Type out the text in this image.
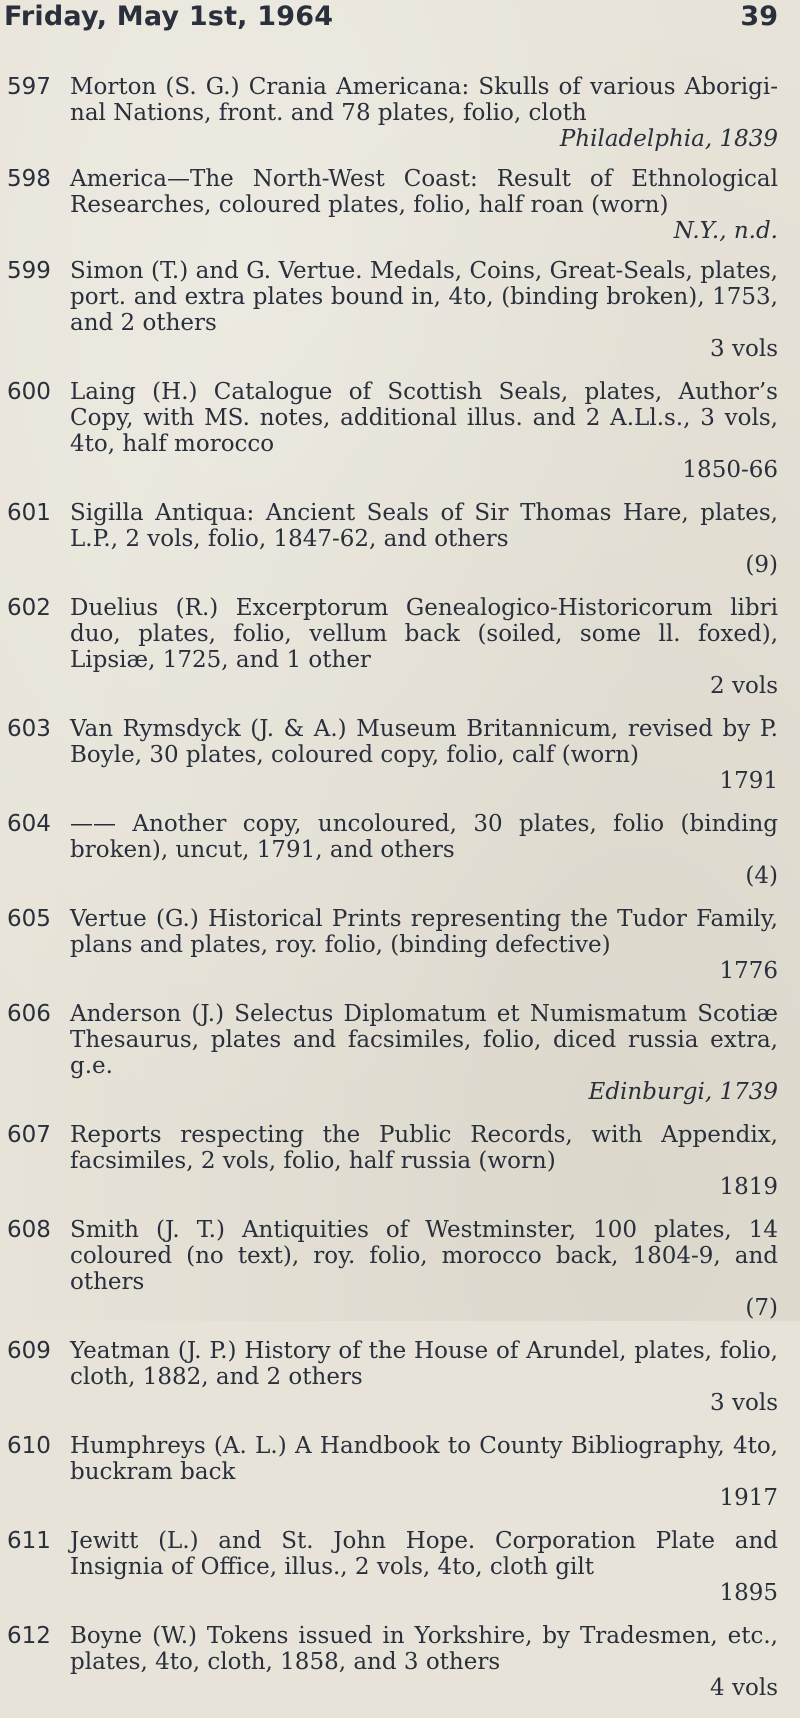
Friday, May 1st, 1964	39
597 Morton (S. G.) Crania Americana: Skulls of various Aborigi-nal Nations, front. and 78 plates, folio, cloth
Philadelphia, 1839
598 America—The North-West Coast: Result of Ethnological Researches, coloured plates, folio, half roan (worn)
N.Y., n.d.
599 Simon (T.) and G. Vertue. Medals, Coins, Great-Seals, plates, port. and extra plates bound in, 4to, (binding broken), 1753, and 2 others
3 vols
600 Laing (H.) Catalogue of Scottish Seals, plates, Author’s Copy, with MS. notes, additional illus. and 2 A.Ll.s., 3 vols, 4to, half morocco
1850-66
601 Sigilla Antiqua: Ancient Seals of Sir Thomas Hare, plates, L.P., 2 vols, folio, 1847-62, and others
(9)
602 Duelius (R.) Excerptorum Genealogico-Historicorum libri duo, plates, folio, vellum back (soiled, some ll. foxed), Lipsiæ, 1725, and 1 other
2 vols
603 Van Rymsdyck (J. & A.) Museum Britannicum, revised by P. Boyle, 30 plates, coloured copy, folio, calf (worn)
1791
604 —— Another copy, uncoloured, 30 plates, folio (binding broken), uncut, 1791, and others
(4)
605 Vertue (G.) Historical Prints representing the Tudor Family, plans and plates, roy. folio, (binding defective)
1776
606 Anderson (J.) Selectus Diplomatum et Numismatum Scotiæ Thesaurus, plates and facsimiles, folio, diced russia extra, g.e.
Edinburgi, 1739
607 Reports respecting the Public Records, with Appendix, facsimiles, 2 vols, folio, half russia (worn)
1819
608 Smith (J. T.) Antiquities of Westminster, 100 plates, 14 coloured (no text), roy. folio, morocco back, 1804-9, and others
(7)
609 Yeatman (J. P.) History of the House of Arundel, plates, folio, cloth, 1882, and 2 others
3 vols
610 Humphreys (A. L.) A Handbook to County Bibliography, 4to, buckram back
1917
611 Jewitt (L.) and St. John Hope. Corporation Plate and Insignia of Office, illus., 2 vols, 4to, cloth gilt
1895
612 Boyne (W.) Tokens issued in Yorkshire, by Tradesmen, etc., plates, 4to, cloth, 1858, and 3 others
4 vols
